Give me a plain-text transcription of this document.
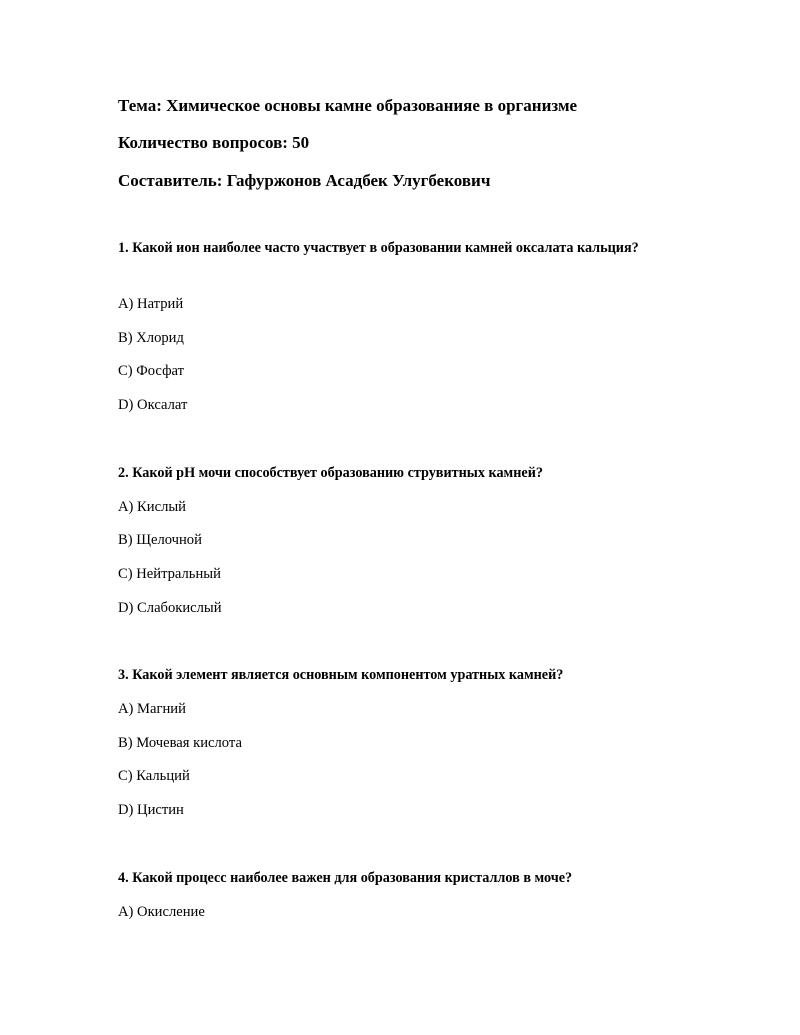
Тема: Химическое основы камне образованияе в организме
Количество вопросов: 50
Составитель: Гафуржонов Асадбек Улугбекович
1. Какой ион наиболее часто участвует в образовании камней оксалата кальция?
A) Натрий
B) Хлорид
C) Фосфат
D) Оксалат
2. Какой pH мочи способствует образованию струвитных камней?
A) Кислый
B) Щелочной
C) Нейтральный
D) Слабокислый
3. Какой элемент является основным компонентом уратных камней?
A) Магний
B) Мочевая кислота
C) Кальций
D) Цистин
4. Какой процесс наиболее важен для образования кристаллов в моче?
A) Окисление
